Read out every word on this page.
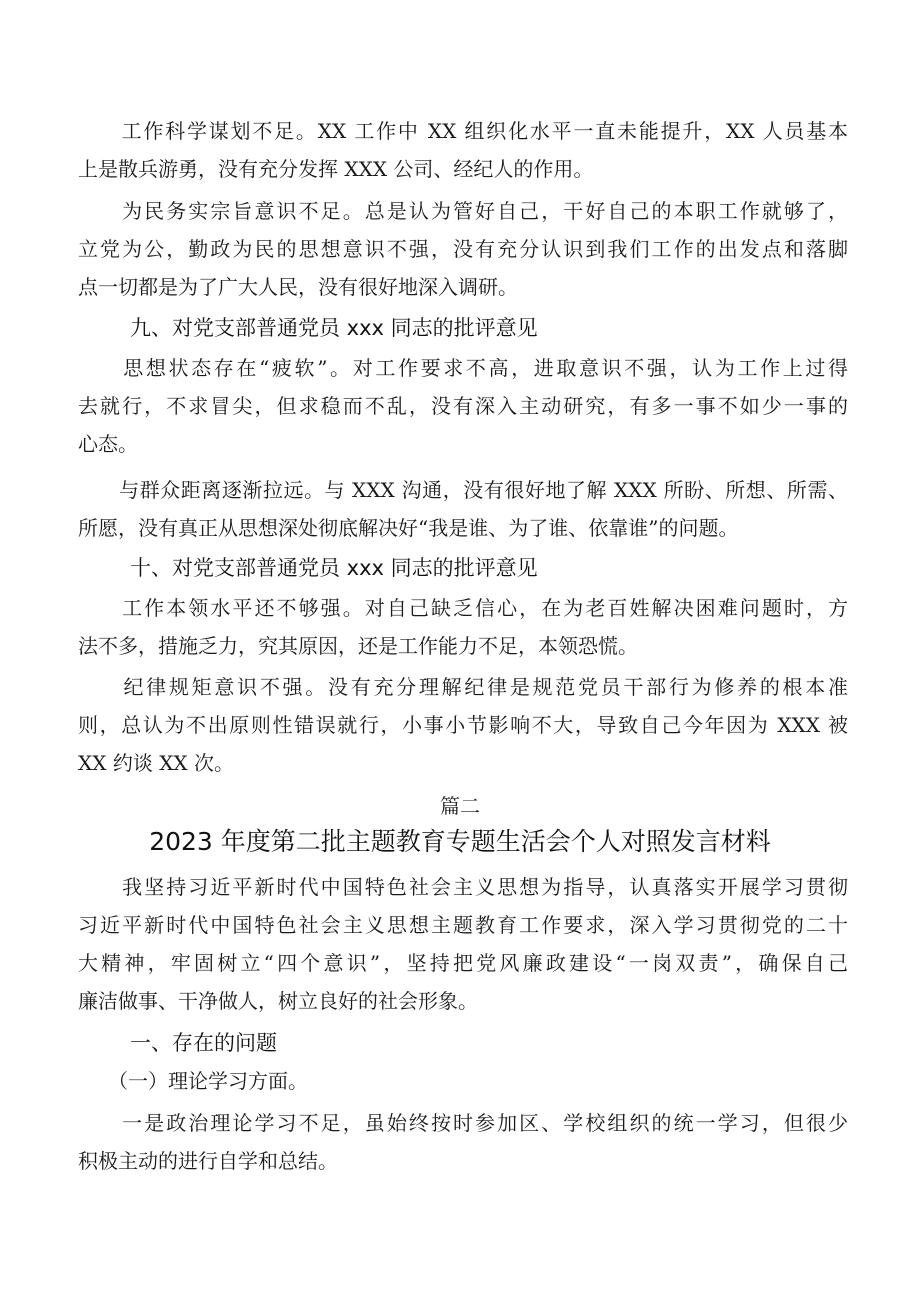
　　工作科学谋划不足。XX 工作中 XX 组织化水平一直未能提升，XX 人员基本
上是散兵游勇，没有充分发挥 XXX 公司、经纪人的作用。
　　为民务实宗旨意识不足。总是认为管好自己，干好自己的本职工作就够了，
立党为公，勤政为民的思想意识不强，没有充分认识到我们工作的出发点和落脚
点一切都是为了广大人民，没有很好地深入调研。
九、对党支部普通党员 xxx 同志的批评意见
　　思想状态存在“疲软”。对工作要求不高，进取意识不强，认为工作上过得
去就行，不求冒尖，但求稳而不乱，没有深入主动研究，有多一事不如少一事的
心态。
　　与群众距离逐渐拉远。与 XXX 沟通，没有很好地了解 XXX 所盼、所想、所需、
所愿，没有真正从思想深处彻底解决好“我是谁、为了谁、依靠谁”的问题。
十、对党支部普通党员 xxx 同志的批评意见
　　工作本领水平还不够强。对自己缺乏信心，在为老百姓解决困难问题时，方
法不多，措施乏力，究其原因，还是工作能力不足，本领恐慌。
　　纪律规矩意识不强。没有充分理解纪律是规范党员干部行为修养的根本准
则，总认为不出原则性错误就行，小事小节影响不大，导致自己今年因为 XXX 被
XX 约谈 XX 次。
篇二
2023 年度第二批主题教育专题生活会个人对照发言材料
　　我坚持习近平新时代中国特色社会主义思想为指导，认真落实开展学习贯彻
习近平新时代中国特色社会主义思想主题教育工作要求，深入学习贯彻党的二十
大精神，牢固树立“四个意识”，坚持把党风廉政建设“一岗双责”，确保自己
廉洁做事、干净做人，树立良好的社会形象。
一、存在的问题
　　（一）理论学习方面。
　　一是政治理论学习不足，虽始终按时参加区、学校组织的统一学习，但很少
积极主动的进行自学和总结。
